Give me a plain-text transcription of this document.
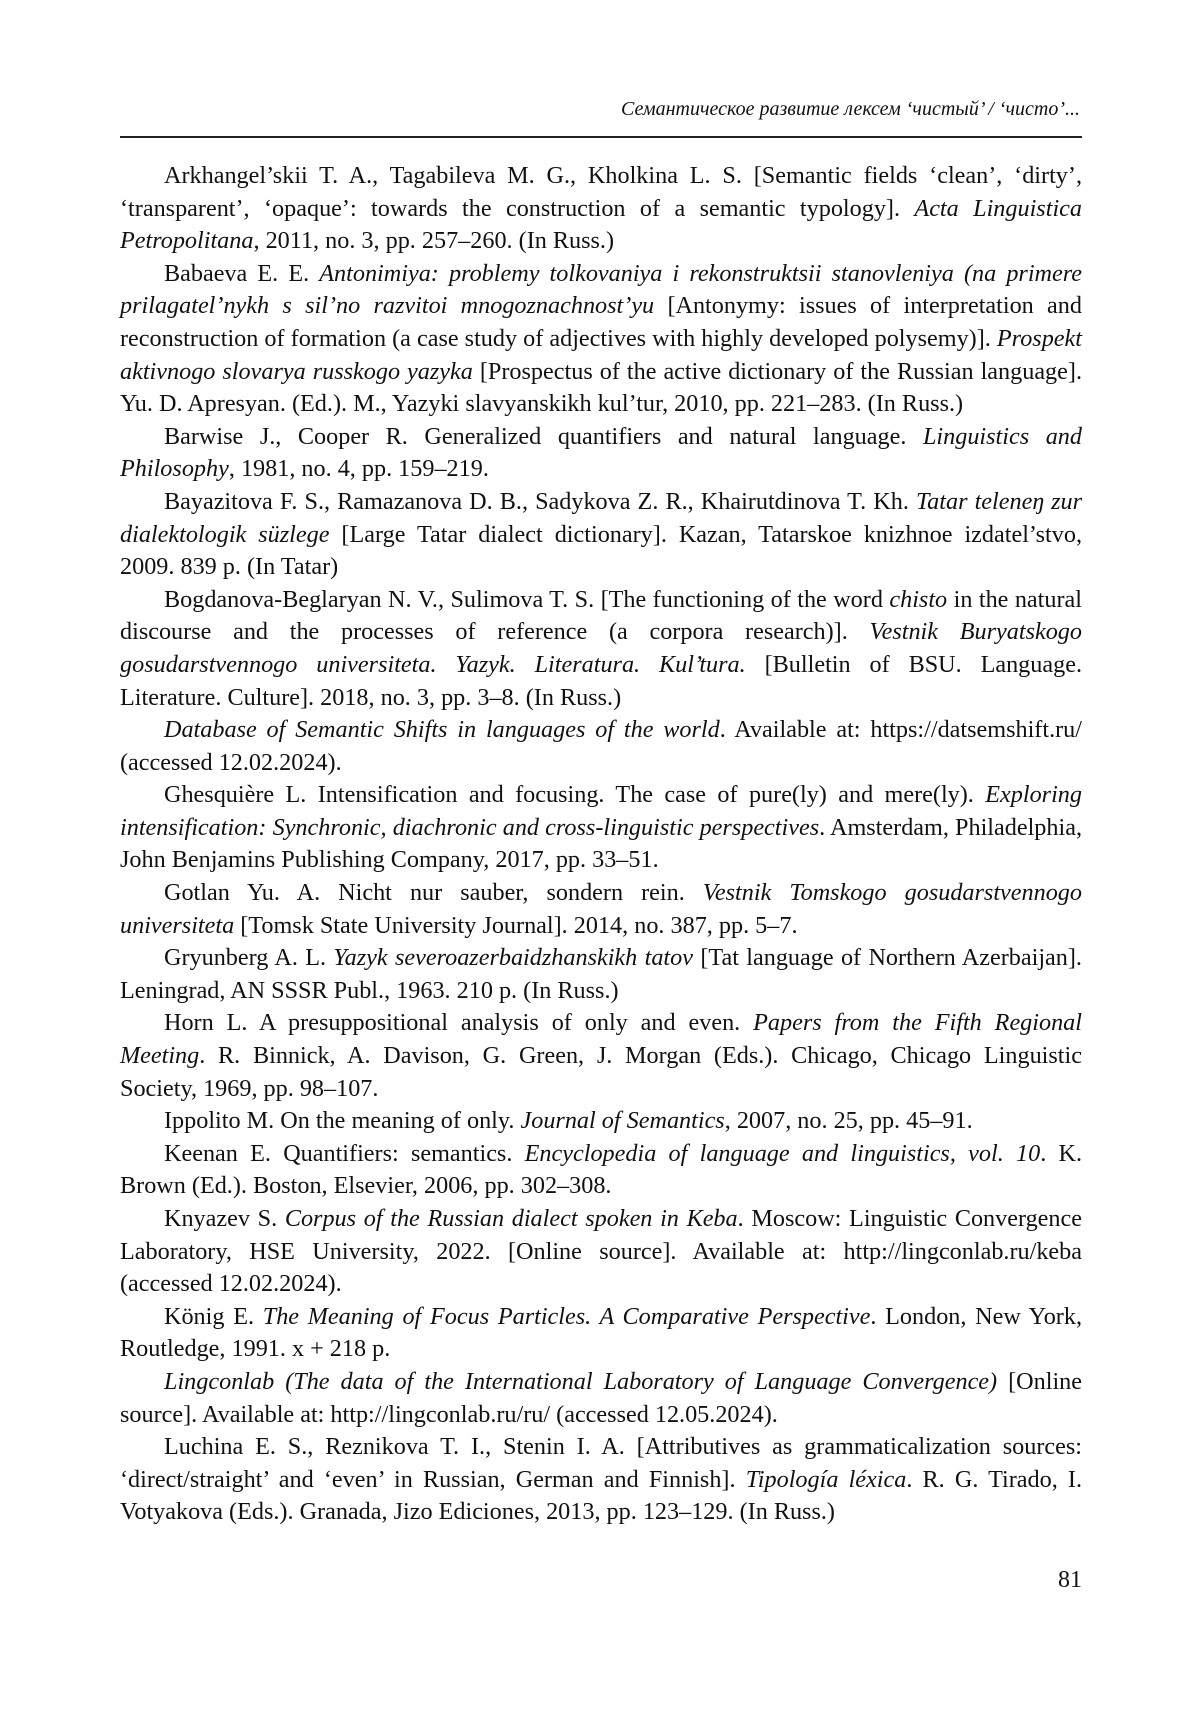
Семантическое развитие лексем ‘чистый’ / ‘чисто’...

Arkhangel’skii T. A., Tagabileva M. G., Kholkina L. S. [Semantic fields ‘clean’, ‘dirty’, ‘transparent’, ‘opaque’: towards the construction of a semantic typology]. Acta Linguistica Petropolitana, 2011, no. 3, pp. 257–260. (In Russ.)

Babaeva E. E. Antonimiya: problemy tolkovaniya i rekonstruktsii stanovleniya (na primere prilagatel’nykh s sil’no razvitoi mnogoznachnost’yu [Antonymy: issues of interpretation and reconstruction of formation (a case study of adjectives with highly developed polysemy)]. Prospekt aktivnogo slovarya russkogo yazyka [Prospectus of the active dictionary of the Russian language]. Yu. D. Apresyan. (Ed.). M., Yazyki slavyanskikh kul’tur, 2010, pp. 221–283. (In Russ.)

Barwise J., Cooper R. Generalized quantifiers and natural language. Linguistics and Philosophy, 1981, no. 4, pp. 159–219.

Bayazitova F. S., Ramazanova D. B., Sadykova Z. R., Khairutdinova T. Kh. Tatar teleneŋ zur dialektologik süzlege [Large Tatar dialect dictionary]. Kazan, Tatarskoe knizhnoe izdatel’stvo, 2009. 839 p. (In Tatar)

Bogdanova-Beglaryan N. V., Sulimova T. S. [The functioning of the word chisto in the natural discourse and the processes of reference (a corpora research)]. Vestnik Buryatskogo gosudarstvennogo universiteta. Yazyk. Literatura. Kul’tura. [Bulletin of BSU. Language. Literature. Culture]. 2018, no. 3, pp. 3–8. (In Russ.)

Database of Semantic Shifts in languages of the world. Available at: https://datsemshift.ru/ (accessed 12.02.2024).

Ghesquière L. Intensification and focusing. The case of pure(ly) and mere(ly). Exploring intensification: Synchronic, diachronic and cross-linguistic perspectives. Amsterdam, Philadelphia, John Benjamins Publishing Company, 2017, pp. 33–51.

Gotlan Yu. A. Nicht nur sauber, sondern rein. Vestnik Tomskogo gosudarstvennogo universiteta [Tomsk State University Journal]. 2014, no. 387, pp. 5–7.

Gryunberg A. L. Yazyk severoazerbaidzhanskikh tatov [Tat language of Northern Azerbaijan]. Leningrad, AN SSSR Publ., 1963. 210 p. (In Russ.)

Horn L. A presuppositional analysis of only and even. Papers from the Fifth Regional Meeting. R. Binnick, A. Davison, G. Green, J. Morgan (Eds.). Chicago, Chicago Linguistic Society, 1969, pp. 98–107.

Ippolito M. On the meaning of only. Journal of Semantics, 2007, no. 25, pp. 45–91.

Keenan E. Quantifiers: semantics. Encyclopedia of language and linguistics, vol. 10. K. Brown (Ed.). Boston, Elsevier, 2006, pp. 302–308.

Knyazev S. Corpus of the Russian dialect spoken in Keba. Moscow: Linguistic Convergence Laboratory, HSE University, 2022. [Online source]. Available at: http://lingconlab.ru/keba (accessed 12.02.2024).

König E. The Meaning of Focus Particles. A Comparative Perspective. London, New York, Routledge, 1991. x + 218 p.

Lingconlab (The data of the International Laboratory of Language Convergence) [Online source]. Available at: http://lingconlab.ru/ru/ (accessed 12.05.2024).

Luchina E. S., Reznikova T. I., Stenin I. A. [Attributives as grammaticalization sources: ‘direct/straight’ and ‘even’ in Russian, German and Finnish]. Tipología léxica. R. G. Tirado, I. Votyakova (Eds.). Granada, Jizo Ediciones, 2013, pp. 123–129. (In Russ.)

81
